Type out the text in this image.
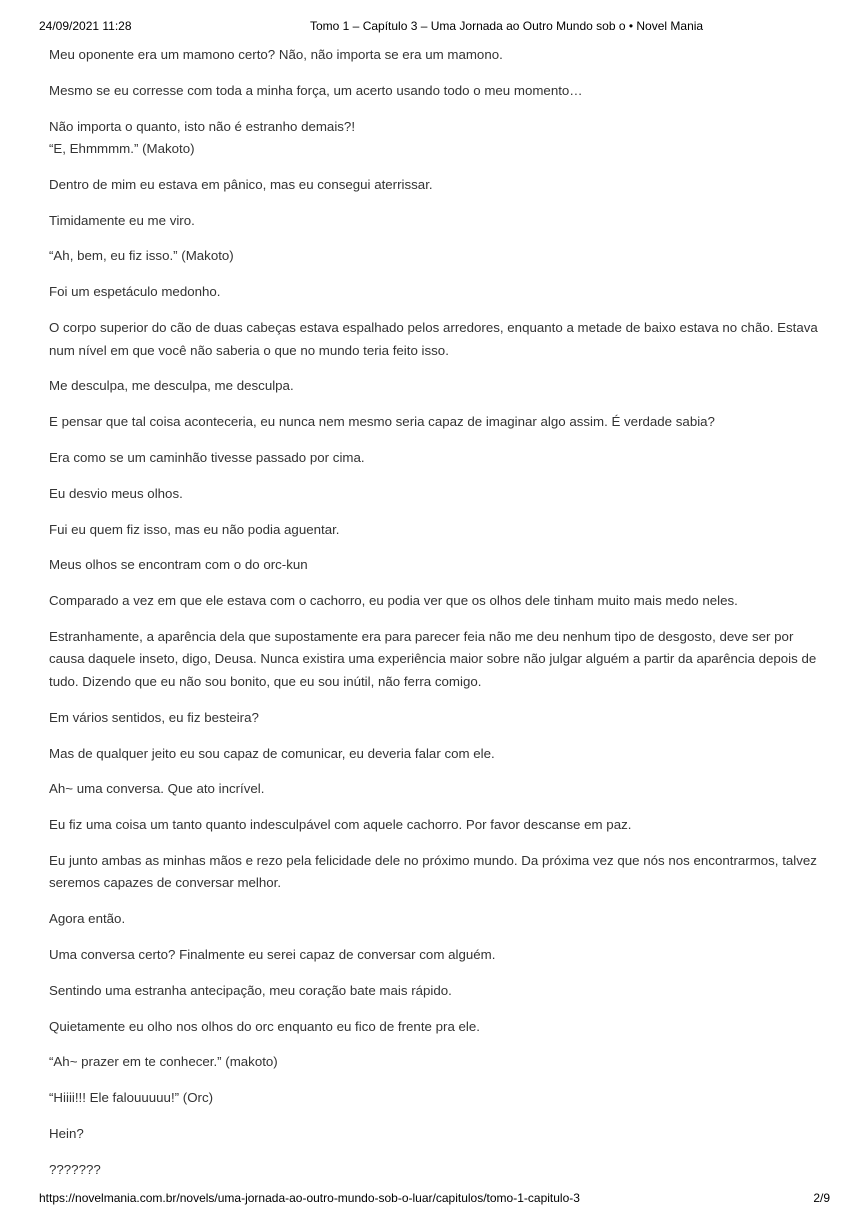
24/09/2021 11:28	Tomo 1 – Capítulo 3 – Uma Jornada ao Outro Mundo sob o • Novel Mania

Meu oponente era um mamono certo? Não, não importa se era um mamono.

Mesmo se eu corresse com toda a minha força, um acerto usando todo o meu momento…

Não importa o quanto, isto não é estranho demais?!

“E, Ehmmmm.” (Makoto)

Dentro de mim eu estava em pânico, mas eu consegui aterrissar.

Timidamente eu me viro.

“Ah, bem, eu fiz isso.” (Makoto)

Foi um espetáculo medonho.

O corpo superior do cão de duas cabeças estava espalhado pelos arredores, enquanto a metade de baixo estava no chão. Estava num nível em que você não saberia o que no mundo teria feito isso.

Me desculpa, me desculpa, me desculpa.

E pensar que tal coisa aconteceria, eu nunca nem mesmo seria capaz de imaginar algo assim. É verdade sabia?

Era como se um caminhão tivesse passado por cima.

Eu desvio meus olhos.

Fui eu quem fiz isso, mas eu não podia aguentar.

Meus olhos se encontram com o do orc-kun

Comparado a vez em que ele estava com o cachorro, eu podia ver que os olhos dele tinham muito mais medo neles.

Estranhamente, a aparência dela que supostamente era para parecer feia não me deu nenhum tipo de desgosto, deve ser por causa daquele inseto, digo, Deusa. Nunca existira uma experiência maior sobre não julgar alguém a partir da aparência depois de tudo. Dizendo que eu não sou bonito, que eu sou inútil, não ferra comigo.

Em vários sentidos, eu fiz besteira?

Mas de qualquer jeito eu sou capaz de comunicar, eu deveria falar com ele.

Ah~ uma conversa. Que ato incrível.

Eu fiz uma coisa um tanto quanto indesculpável com aquele cachorro. Por favor descanse em paz.

Eu junto ambas as minhas mãos e rezo pela felicidade dele no próximo mundo. Da próxima vez que nós nos encontrarmos, talvez seremos capazes de conversar melhor.

Agora então.

Uma conversa certo? Finalmente eu serei capaz de conversar com alguém.

Sentindo uma estranha antecipação, meu coração bate mais rápido.

Quietamente eu olho nos olhos do orc enquanto eu fico de frente pra ele.

“Ah~ prazer em te conhecer.” (makoto)

“Hiiii!!! Ele falouuuuu!” (Orc)

Hein?

???????

https://novelmania.com.br/novels/uma-jornada-ao-outro-mundo-sob-o-luar/capitulos/tomo-1-capitulo-3	2/9
